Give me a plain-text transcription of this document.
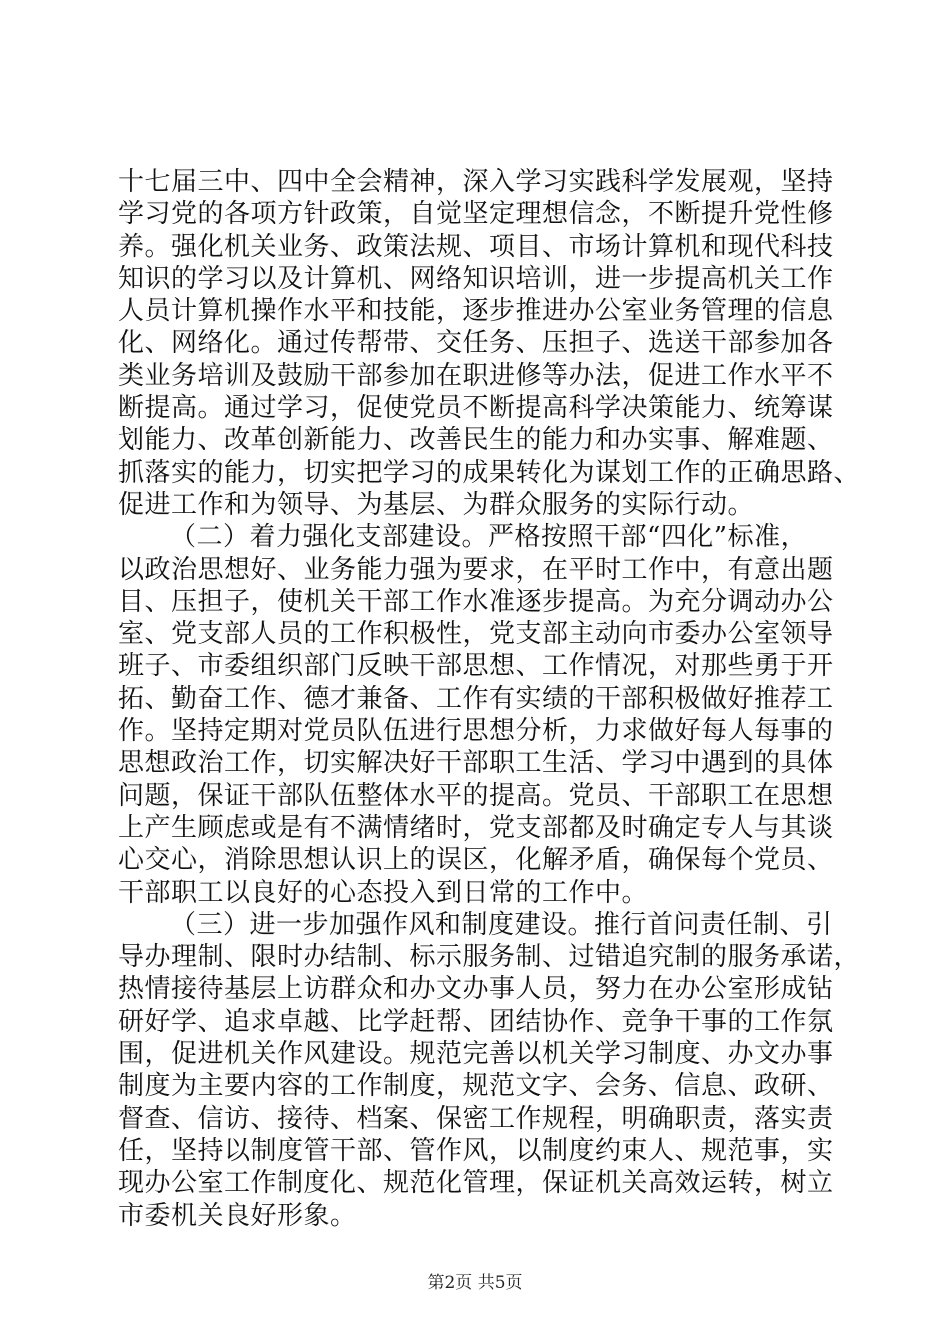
十七届三中、四中全会精神，深入学习实践科学发展观，坚持
学习党的各项方针政策，自觉坚定理想信念，不断提升党性修
养。强化机关业务、政策法规、项目、市场计算机和现代科技
知识的学习以及计算机、网络知识培训，进一步提高机关工作
人员计算机操作水平和技能，逐步推进办公室业务管理的信息
化、网络化。通过传帮带、交任务、压担子、选送干部参加各
类业务培训及鼓励干部参加在职进修等办法，促进工作水平不
断提高。通过学习，促使党员不断提高科学决策能力、统筹谋
划能力、改革创新能力、改善民生的能力和办实事、解难题、
抓落实的能力，切实把学习的成果转化为谋划工作的正确思路、
促进工作和为领导、为基层、为群众服务的实际行动。
（二）着力强化支部建设。严格按照干部“四化”标准，
以政治思想好、业务能力强为要求，在平时工作中，有意出题
目、压担子，使机关干部工作水准逐步提高。为充分调动办公
室、党支部人员的工作积极性，党支部主动向市委办公室领导
班子、市委组织部门反映干部思想、工作情况，对那些勇于开
拓、勤奋工作、德才兼备、工作有实绩的干部积极做好推荐工
作。坚持定期对党员队伍进行思想分析，力求做好每人每事的
思想政治工作，切实解决好干部职工生活、学习中遇到的具体
问题，保证干部队伍整体水平的提高。党员、干部职工在思想
上产生顾虑或是有不满情绪时，党支部都及时确定专人与其谈
心交心，消除思想认识上的误区，化解矛盾，确保每个党员、
干部职工以良好的心态投入到日常的工作中。
（三）进一步加强作风和制度建设。推行首问责任制、引
导办理制、限时办结制、标示服务制、过错追究制的服务承诺，
热情接待基层上访群众和办文办事人员，努力在办公室形成钻
研好学、追求卓越、比学赶帮、团结协作、竞争干事的工作氛
围，促进机关作风建设。规范完善以机关学习制度、办文办事
制度为主要内容的工作制度，规范文字、会务、信息、政研、
督查、信访、接待、档案、保密工作规程，明确职责，落实责
任，坚持以制度管干部、管作风，以制度约束人、规范事，实
现办公室工作制度化、规范化管理，保证机关高效运转，树立
市委机关良好形象。
第2页 共5页
